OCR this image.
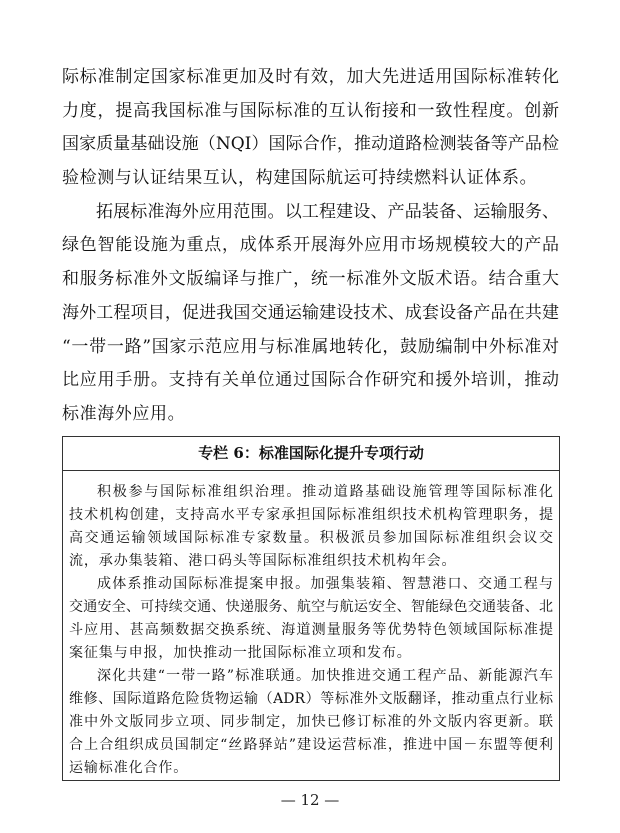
际标准制定国家标准更加及时有效，加大先进适用国际标准转化
力度，提高我国标准与国际标准的互认衔接和一致性程度。创新
国家质量基础设施（NQI）国际合作，推动道路检测装备等产品检
验检测与认证结果互认，构建国际航运可持续燃料认证体系。
拓展标准海外应用范围。以工程建设、产品装备、运输服务、
绿色智能设施为重点，成体系开展海外应用市场规模较大的产品
和服务标准外文版编译与推广，统一标准外文版术语。结合重大
海外工程项目，促进我国交通运输建设技术、成套设备产品在共建
“一带一路”国家示范应用与标准属地转化，鼓励编制中外标准对
比应用手册。支持有关单位通过国际合作研究和援外培训，推动
标准海外应用。
专栏 6：标准国际化提升专项行动
积极参与国际标准组织治理。推动道路基础设施管理等国际标准化
技术机构创建，支持高水平专家承担国际标准组织技术机构管理职务，提
高交通运输领域国际标准专家数量。积极派员参加国际标准组织会议交
流，承办集装箱、港口码头等国际标准组织技术机构年会。
成体系推动国际标准提案申报。加强集装箱、智慧港口、交通工程与
交通安全、可持续交通、快递服务、航空与航运安全、智能绿色交通装备、北
斗应用、甚高频数据交换系统、海道测量服务等优势特色领域国际标准提
案征集与申报，加快推动一批国际标准立项和发布。
深化共建“一带一路”标准联通。加快推进交通工程产品、新能源汽车
维修、国际道路危险货物运输（ADR）等标准外文版翻译，推动重点行业标
准中外文版同步立项、同步制定，加快已修订标准的外文版内容更新。联
合上合组织成员国制定“丝路驿站”建设运营标准，推进中国－东盟等便利
运输标准化合作。
— 12 —
